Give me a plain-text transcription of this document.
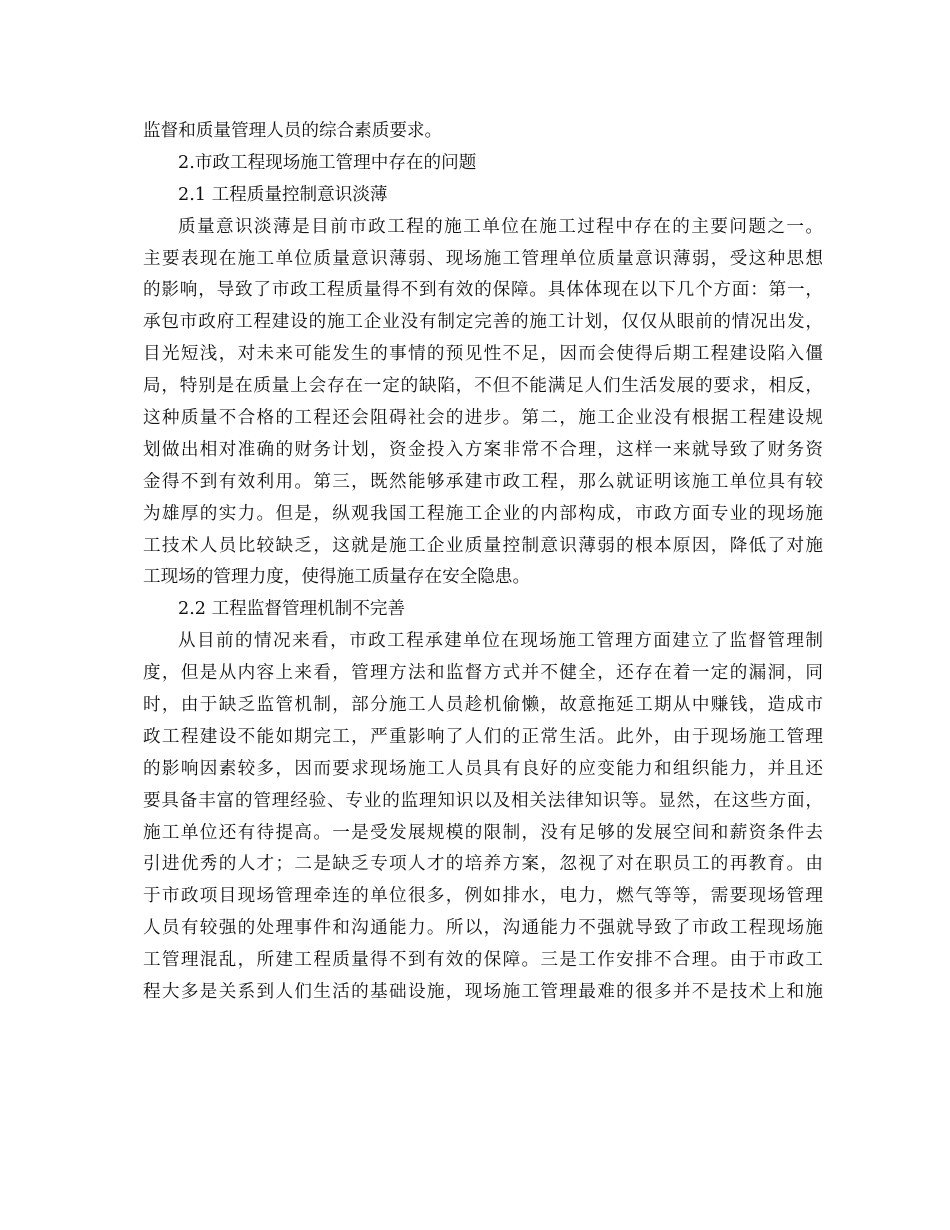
监督和质量管理人员的综合素质要求。
2.市政工程现场施工管理中存在的问题
2.1 工程质量控制意识淡薄
质量意识淡薄是目前市政工程的施工单位在施工过程中存在的主要问题之一。
主要表现在施工单位质量意识薄弱、现场施工管理单位质量意识薄弱，受这种思想
的影响，导致了市政工程质量得不到有效的保障。具体体现在以下几个方面：第一，
承包市政府工程建设的施工企业没有制定完善的施工计划，仅仅从眼前的情况出发，
目光短浅，对未来可能发生的事情的预见性不足，因而会使得后期工程建设陷入僵
局，特别是在质量上会存在一定的缺陷，不但不能满足人们生活发展的要求，相反，
这种质量不合格的工程还会阻碍社会的进步。第二，施工企业没有根据工程建设规
划做出相对准确的财务计划，资金投入方案非常不合理，这样一来就导致了财务资
金得不到有效利用。第三，既然能够承建市政工程，那么就证明该施工单位具有较
为雄厚的实力。但是，纵观我国工程施工企业的内部构成，市政方面专业的现场施
工技术人员比较缺乏，这就是施工企业质量控制意识薄弱的根本原因，降低了对施
工现场的管理力度，使得施工质量存在安全隐患。
2.2 工程监督管理机制不完善
从目前的情况来看，市政工程承建单位在现场施工管理方面建立了监督管理制
度，但是从内容上来看，管理方法和监督方式并不健全，还存在着一定的漏洞，同
时，由于缺乏监管机制，部分施工人员趁机偷懒，故意拖延工期从中赚钱，造成市
政工程建设不能如期完工，严重影响了人们的正常生活。此外，由于现场施工管理
的影响因素较多，因而要求现场施工人员具有良好的应变能力和组织能力，并且还
要具备丰富的管理经验、专业的监理知识以及相关法律知识等。显然，在这些方面，
施工单位还有待提高。一是受发展规模的限制，没有足够的发展空间和薪资条件去
引进优秀的人才；二是缺乏专项人才的培养方案，忽视了对在职员工的再教育。由
于市政项目现场管理牵连的单位很多，例如排水，电力，燃气等等，需要现场管理
人员有较强的处理事件和沟通能力。所以，沟通能力不强就导致了市政工程现场施
工管理混乱，所建工程质量得不到有效的保障。三是工作安排不合理。由于市政工
程大多是关系到人们生活的基础设施，现场施工管理最难的很多并不是技术上和施
